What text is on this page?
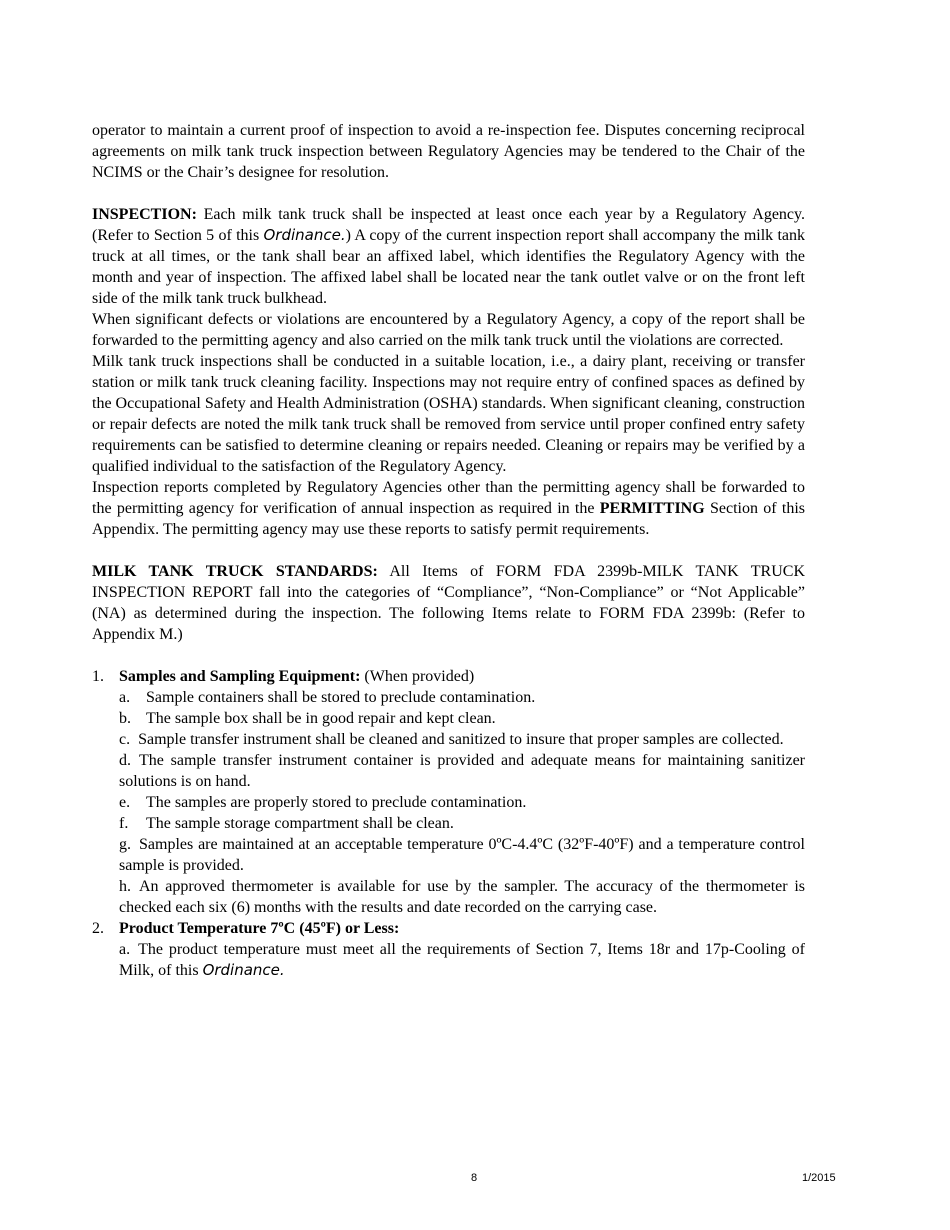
operator to maintain a current proof of inspection to avoid a re-inspection fee. Disputes concerning reciprocal agreements on milk tank truck inspection between Regulatory Agencies may be tendered to the Chair of the NCIMS or the Chair’s designee for resolution.

INSPECTION: Each milk tank truck shall be inspected at least once each year by a Regulatory Agency. (Refer to Section 5 of this Ordinance.) A copy of the current inspection report shall accompany the milk tank truck at all times, or the tank shall bear an affixed label, which identifies the Regulatory Agency with the month and year of inspection. The affixed label shall be located near the tank outlet valve or on the front left side of the milk tank truck bulkhead.

When significant defects or violations are encountered by a Regulatory Agency, a copy of the report shall be forwarded to the permitting agency and also carried on the milk tank truck until the violations are corrected.

Milk tank truck inspections shall be conducted in a suitable location, i.e., a dairy plant, receiving or transfer station or milk tank truck cleaning facility. Inspections may not require entry of confined spaces as defined by the Occupational Safety and Health Administration (OSHA) standards. When significant cleaning, construction or repair defects are noted the milk tank truck shall be removed from service until proper confined entry safety requirements can be satisfied to determine cleaning or repairs needed. Cleaning or repairs may be verified by a qualified individual to the satisfaction of the Regulatory Agency.

Inspection reports completed by Regulatory Agencies other than the permitting agency shall be forwarded to the permitting agency for verification of annual inspection as required in the PERMITTING Section of this Appendix. The permitting agency may use these reports to satisfy permit requirements.

MILK TANK TRUCK STANDARDS: All Items of FORM FDA 2399b-MILK TANK TRUCK INSPECTION REPORT fall into the categories of “Compliance”, “Non-Compliance” or “Not Applicable” (NA) as determined during the inspection. The following Items relate to FORM FDA 2399b: (Refer to Appendix M.)

1. Samples and Sampling Equipment: (When provided)

a. Sample containers shall be stored to preclude contamination.

b. The sample box shall be in good repair and kept clean.

c. Sample transfer instrument shall be cleaned and sanitized to insure that proper samples are collected.

d. The sample transfer instrument container is provided and adequate means for maintaining sanitizer solutions is on hand.

e. The samples are properly stored to preclude contamination.

f. The sample storage compartment shall be clean.

g. Samples are maintained at an acceptable temperature 0ºC-4.4ºC (32ºF-40ºF) and a temperature control sample is provided.

h. An approved thermometer is available for use by the sampler. The accuracy of the thermometer is checked each six (6) months with the results and date recorded on the carrying case.

2. Product Temperature 7ºC (45ºF) or Less:

a. The product temperature must meet all the requirements of Section 7, Items 18r and 17p-Cooling of Milk, of this Ordinance.

8	1/2015
